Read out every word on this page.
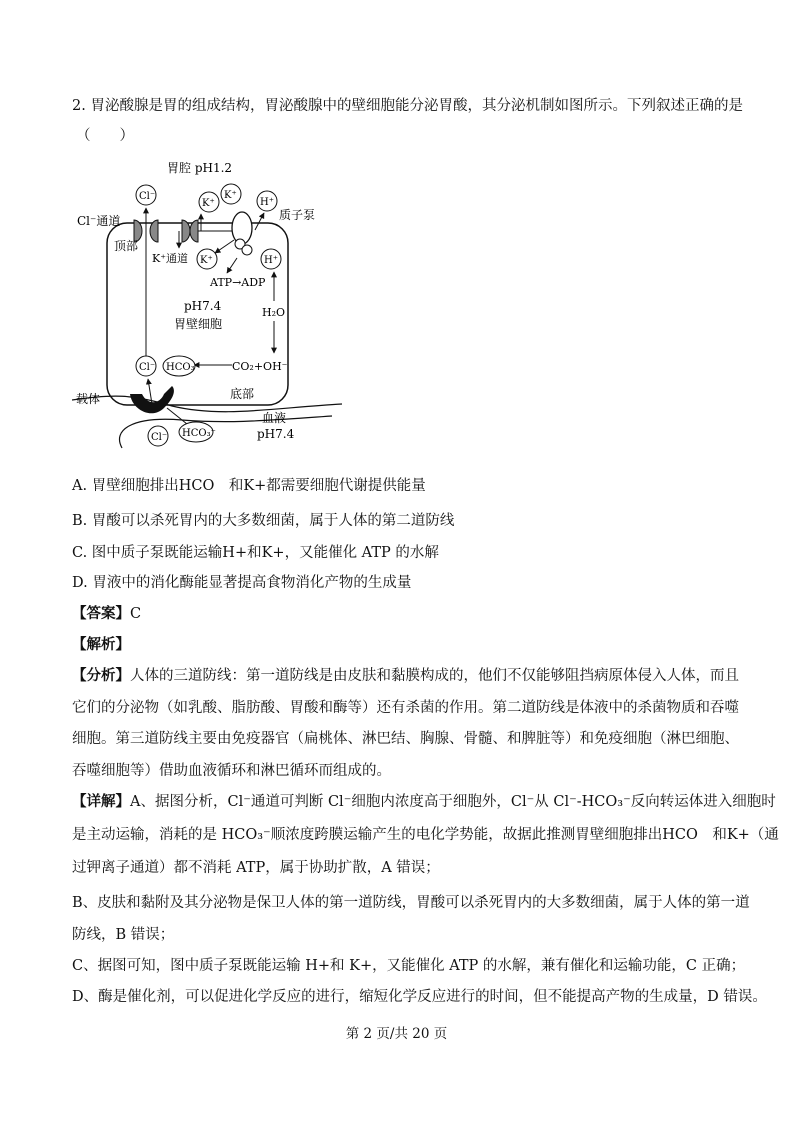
2. 胃泌酸腺是胃的组成结构，胃泌酸腺中的壁细胞能分泌胃酸，其分泌机制如图所示。下列叙述正确的是
（　　）
胃腔 pH1.2
Cl⁻
K⁺
K⁺
H⁺
质子泵
Cl⁻通道
顶部
K⁺通道 K⁺	H⁺
ATP→ADP
pH7.4
胃壁细胞
H₂O
CO₂+OH⁻
Cl⁻ HCO₃⁻
底部
载体
血液
pH7.4
Cl⁻ HCO₃⁻
A. 胃壁细胞排出HCO　和K+都需要细胞代谢提供能量
B. 胃酸可以杀死胃内的大多数细菌，属于人体的第二道防线
C. 图中质子泵既能运输H+和K+，又能催化 ATP 的水解
D. 胃液中的消化酶能显著提高食物消化产物的生成量
【答案】C
【解析】
【分析】人体的三道防线：第一道防线是由皮肤和黏膜构成的，他们不仅能够阻挡病原体侵入人体，而且
它们的分泌物（如乳酸、脂肪酸、胃酸和酶等）还有杀菌的作用。第二道防线是体液中的杀菌物质和吞噬
细胞。第三道防线主要由免疫器官（扁桃体、淋巴结、胸腺、骨髓、和脾脏等）和免疫细胞（淋巴细胞、
吞噬细胞等）借助血液循环和淋巴循环而组成的。
【详解】A、据图分析，Cl⁻通道可判断 Cl⁻细胞内浓度高于细胞外，Cl⁻从 Cl⁻-HCO₃⁻反向转运体进入细胞时
是主动运输，消耗的是 HCO₃⁻顺浓度跨膜运输产生的电化学势能，故据此推测胃壁细胞排出HCO　和K+（通
过钾离子通道）都不消耗 ATP，属于协助扩散，A 错误；
B、皮肤和黏附及其分泌物是保卫人体的第一道防线，胃酸可以杀死胃内的大多数细菌，属于人体的第一道
防线，B 错误；
C、据图可知，图中质子泵既能运输 H+和 K+，又能催化 ATP 的水解，兼有催化和运输功能，C 正确；
D、酶是催化剂，可以促进化学反应的进行，缩短化学反应进行的时间，但不能提高产物的生成量，D 错误。
第 2 页/共 20 页
